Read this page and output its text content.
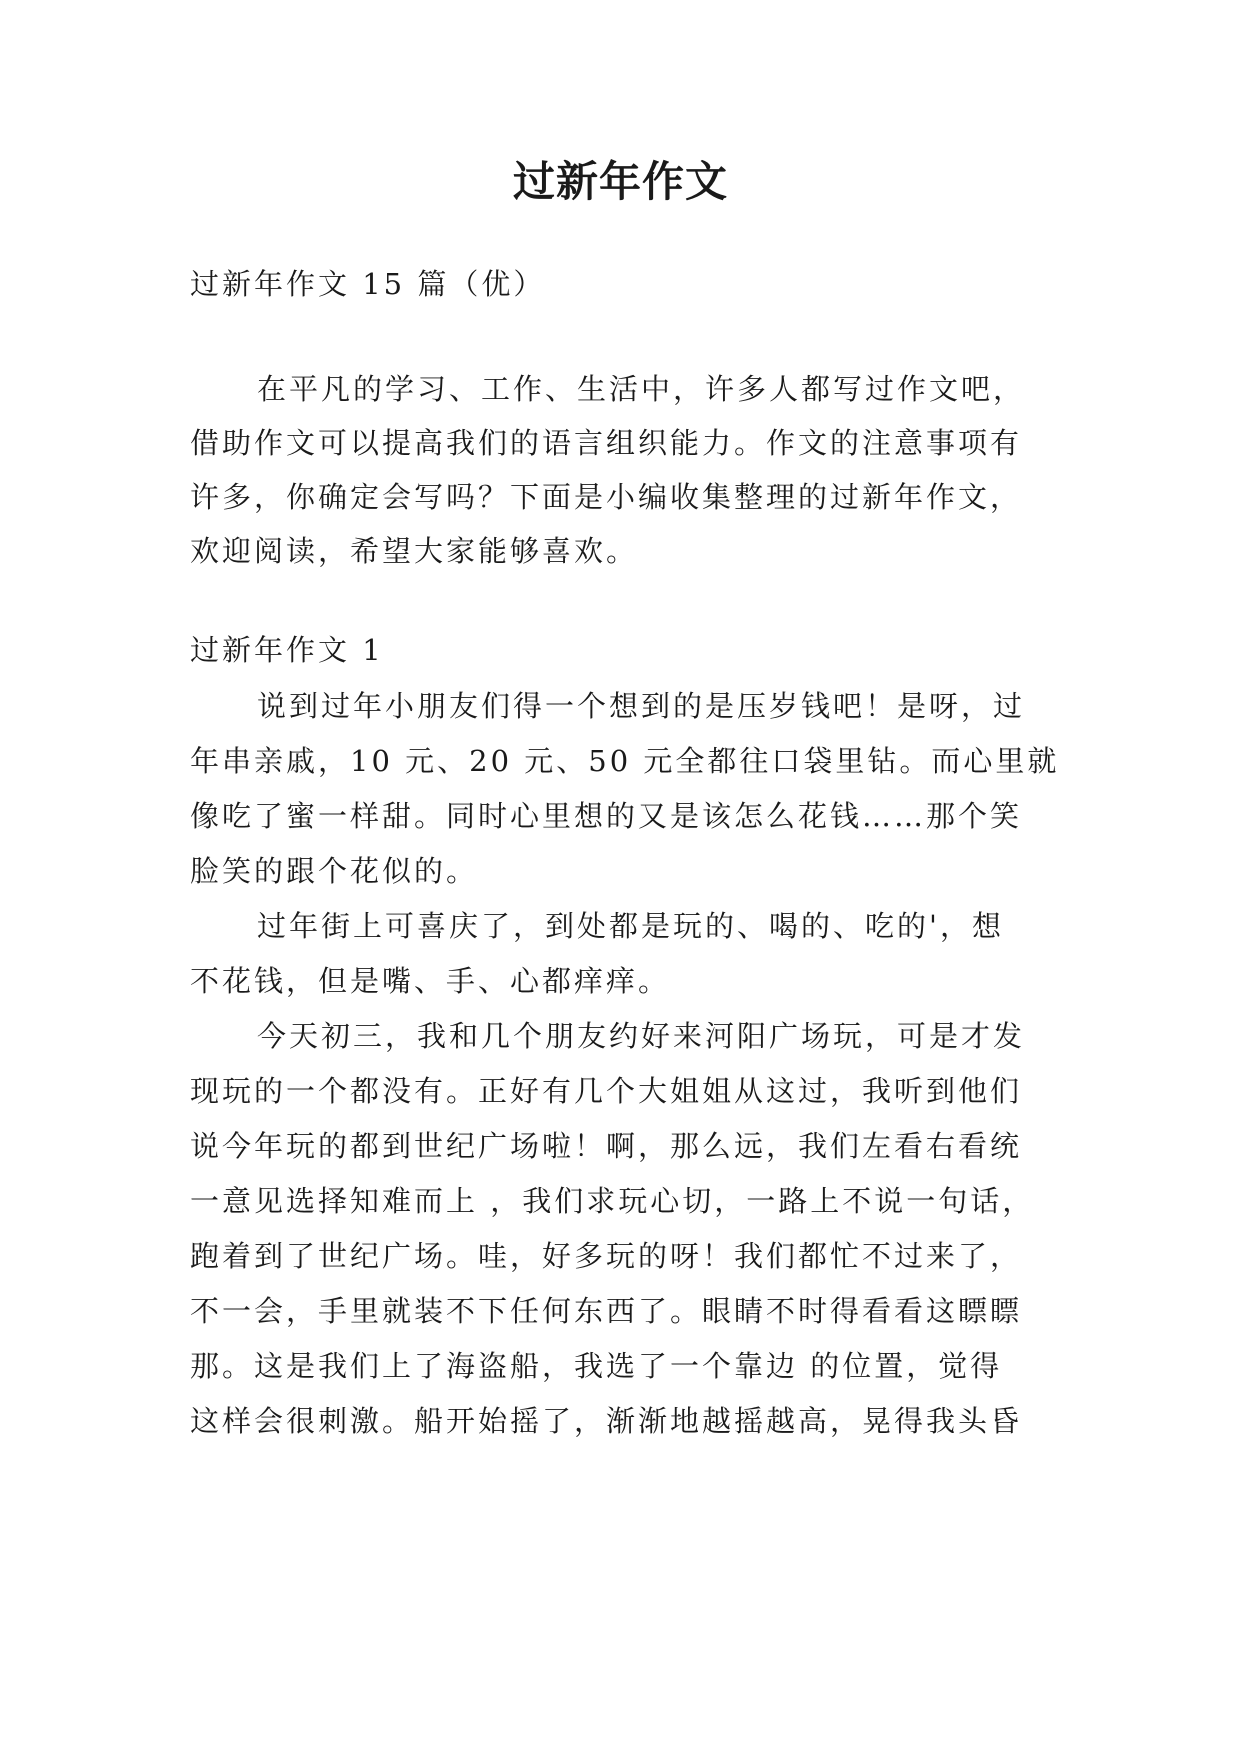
过新年作文
过新年作文 15 篇（优）
在平凡的学习、工作、生活中，许多人都写过作文吧，
借助作文可以提高我们的语言组织能力。作文的注意事项有
许多，你确定会写吗？下面是小编收集整理的过新年作文，
欢迎阅读，希望大家能够喜欢。
过新年作文 1
说到过年小朋友们得一个想到的是压岁钱吧！是呀，过
年串亲戚，10 元、20 元、50 元全都往口袋里钻。而心里就
像吃了蜜一样甜。同时心里想的又是该怎么花钱……那个笑
脸笑的跟个花似的。
过年街上可喜庆了，到处都是玩的、喝的、吃的'，想
不花钱，但是嘴、手、心都痒痒。
今天初三，我和几个朋友约好来河阳广场玩，可是才发
现玩的一个都没有。正好有几个大姐姐从这过，我听到他们
说今年玩的都到世纪广场啦！啊，那么远，我们左看右看统
一意见选择知难而上 ，我们求玩心切，一路上不说一句话，
跑着到了世纪广场。哇，好多玩的呀！我们都忙不过来了，
不一会，手里就装不下任何东西了。眼睛不时得看看这瞟瞟
那。这是我们上了海盗船，我选了一个靠边 的位置，觉得
这样会很刺激。船开始摇了，渐渐地越摇越高，晃得我头昏
